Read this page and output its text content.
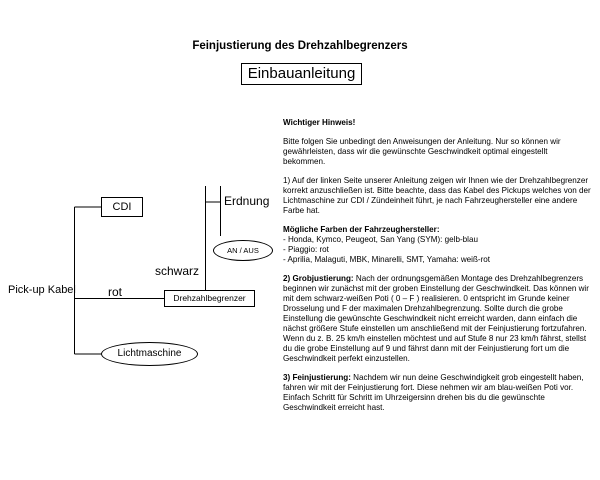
Feinjustierung des Drehzahlbegrenzers
Einbauanleitung
Pick-up Kabel	rot
schwarz
Erdnung
CDI
Drehzahlbegrenzer
AN / AUS
Lichtmaschine

Wichtiger Hinweis!

Bitte folgen Sie unbedingt den Anweisungen der Anleitung. Nur so können wir gewährleisten, dass wir die gewünschte Geschwindkeit optimal eingestellt bekommen.

1) Auf der linken Seite unserer Anleitung zeigen wir Ihnen wie der Drehzahlbegrenzer korrekt anzuschließen ist. Bitte beachte, dass das Kabel des Pickups welches von der Lichtmaschine zur CDI / Zündeinheit führt, je nach Fahrzeughersteller eine andere Farbe hat.

Mögliche Farben der Fahrzeughersteller:

- Honda, Kymco, Peugeot, San Yang (SYM): gelb-blau
- Piaggio: rot
- Aprilia, Malaguti, MBK, Minarelli, SMT, Yamaha: weiß-rot

2) Grobjustierung: Nach der ordnungsgemäßen Montage des Drehzahlbegrenzers beginnen wir zunächst mit der groben Einstellung der Geschwindkeit. Das können wir mit dem schwarz-weißen Poti ( 0 – F ) realisieren. 0 entspricht im Grunde keiner Drosselung und F der maximalen Drehzahlbegrenzung. Sollte durch die grobe Einstellung die gewünschte Geschwindkeit nicht erreicht warden, dann einfach die nächst größere Stufe einstellen um anschließend mit der Feinjustierung fortzufahren. Wenn du z. B. 25 km/h einstellen möchtest und auf Stufe 8 nur 23 km/h fährst, stellst du die grobe Einstellung auf 9 und fährst dann mit der Feinjustierung fort um die Geschwindkeit perfekt einzustellen.

3) Feinjustierung: Nachdem wir nun deine Geschwindigkeit grob eingestellt haben, fahren wir mit der Feinjustierung fort. Diese nehmen wir am blau-weißen Poti vor. Einfach Schritt für Schritt im Uhrzeigersinn drehen bis du die gewünschte Geschwindkeit erreicht hast.
